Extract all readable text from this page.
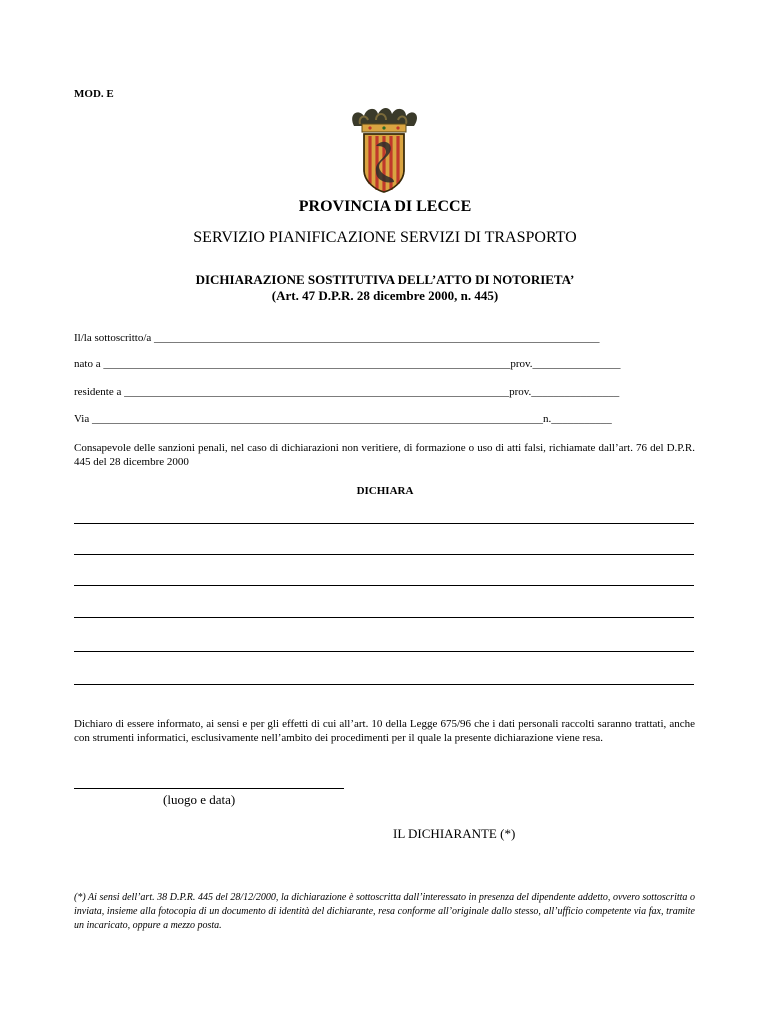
MOD. E
PROVINCIA DI LECCE
SERVIZIO PIANIFICAZIONE SERVIZI DI TRASPORTO
DICHIARAZIONE SOSTITUTIVA DELL’ATTO DI NOTORIETA’
(Art. 47 D.P.R. 28 dicembre 2000, n. 445)
Il/la sottoscritto/a _________________________________________________________________________________
nato a __________________________________________________________________________prov.________________
residente a ______________________________________________________________________prov.________________
Via __________________________________________________________________________________n.___________
Consapevole delle sanzioni penali, nel caso di dichiarazioni non veritiere, di formazione o uso di atti falsi, richiamate dall’art. 76 del D.P.R. 445 del 28 dicembre 2000
DICHIARA
Dichiaro di essere informato, ai sensi e per gli effetti di cui all’art. 10 della Legge 675/96 che i dati personali raccolti saranno trattati, anche con strumenti informatici, esclusivamente nell’ambito dei procedimenti per il quale la presente dichiarazione viene resa.
(luogo e data)
IL DICHIARANTE (*)
(*) Ai sensi dell’art. 38 D.P.R. 445 del 28/12/2000, la dichiarazione è sottoscritta dall’interessato in presenza del dipendente addetto, ovvero sottoscritta o inviata, insieme alla fotocopia di un documento di identità del dichiarante, resa conforme all’originale dallo stesso, all’ufficio competente via fax, tramite un incaricato, oppure a mezzo posta.
